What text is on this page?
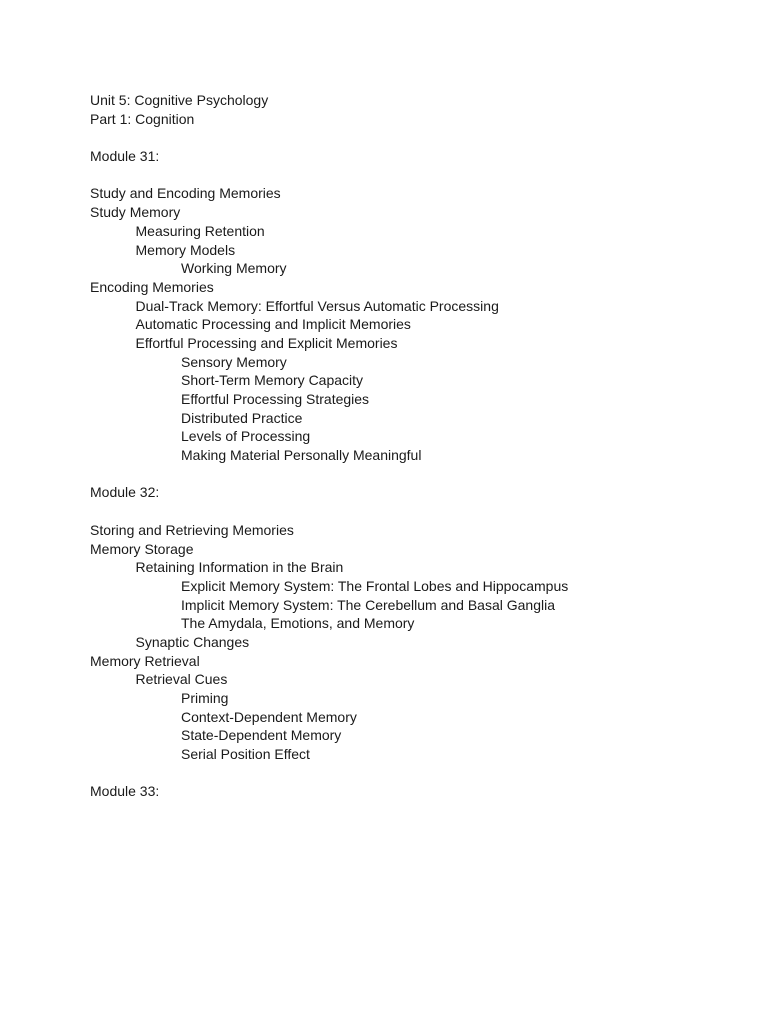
Unit 5: Cognitive Psychology
Part 1: Cognition
Module 31:
Study and Encoding Memories
Study Memory
Measuring Retention
Memory Models
Working Memory
Encoding Memories
Dual-Track Memory: Effortful Versus Automatic Processing
Automatic Processing and Implicit Memories
Effortful Processing and Explicit Memories
Sensory Memory
Short-Term Memory Capacity
Effortful Processing Strategies
Distributed Practice
Levels of Processing
Making Material Personally Meaningful
Module 32:
Storing and Retrieving Memories
Memory Storage
Retaining Information in the Brain
Explicit Memory System: The Frontal Lobes and Hippocampus
Implicit Memory System: The Cerebellum and Basal Ganglia
The Amydala, Emotions, and Memory
Synaptic Changes
Memory Retrieval
Retrieval Cues
Priming
Context-Dependent Memory
State-Dependent Memory
Serial Position Effect
Module 33:
